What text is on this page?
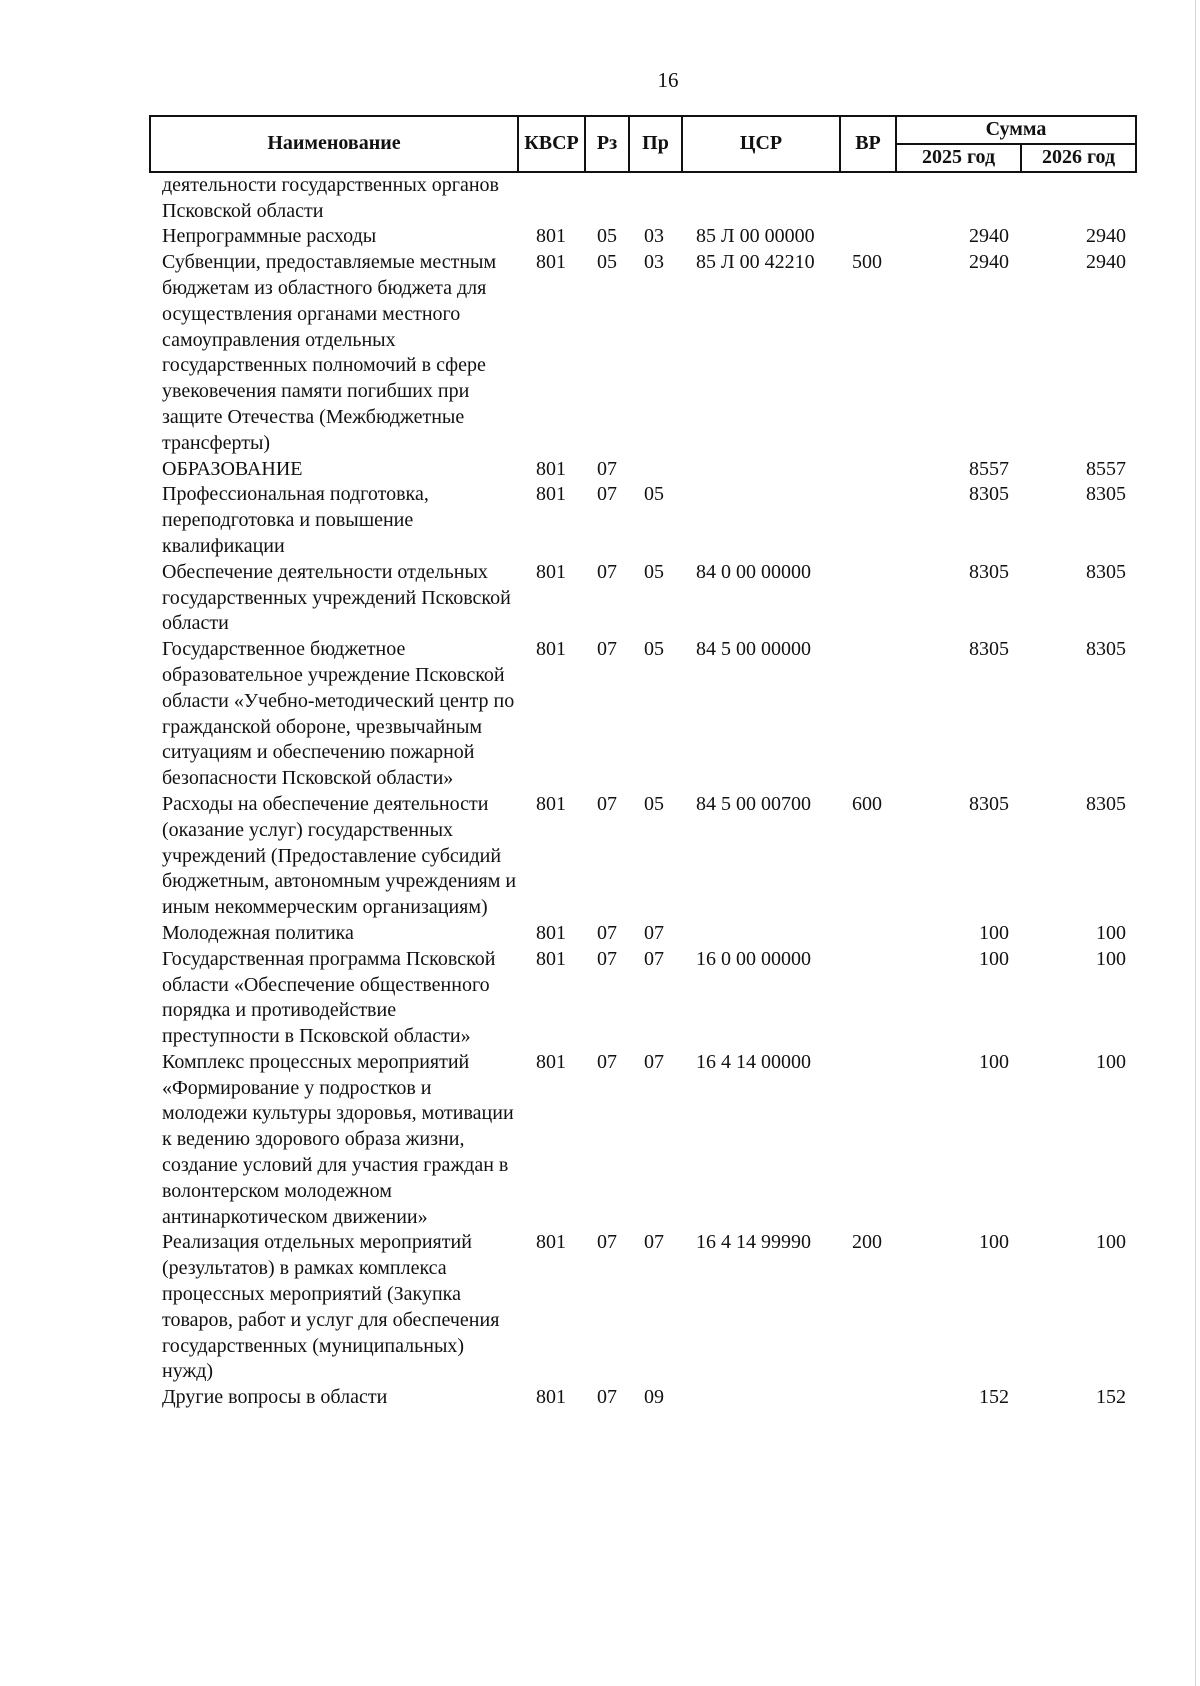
16
Наименование	КВСР	Рз	Пр	ЦСР	ВР	Сумма	
						2025 год	2026 год
деятельности государственных органов Псковской области							
Непрограммные расходы	801	05	03	85 Л 00 00000		2940	2940
Субвенции, предоставляемые местным бюджетам из областного бюджета для осуществления органами местного самоуправления отдельных государственных полномочий в сфере увековечения памяти погибших при защите Отечества (Межбюджетные трансферты)	801	05	03	85 Л 00 42210	500	2940	2940
ОБРАЗОВАНИЕ	801	07				8557	8557
Профессиональная подготовка, переподготовка и повышение квалификации	801	07	05			8305	8305
Обеспечение деятельности отдельных государственных учреждений Псковской области	801	07	05	84 0 00 00000		8305	8305
Государственное бюджетное образовательное учреждение Псковской области «Учебно-методический центр по гражданской обороне, чрезвычайным ситуациям и обеспечению пожарной безопасности Псковской области»	801	07	05	84 5 00 00000		8305	8305
Расходы на обеспечение деятельности (оказание услуг) государственных учреждений (Предоставление субсидий бюджетным, автономным учреждениям и иным некоммерческим организациям)	801	07	05	84 5 00 00700	600	8305	8305
Молодежная политика	801	07	07			100	100
Государственная программа Псковской области «Обеспечение общественного порядка и противодействие преступности в Псковской области»	801	07	07	16 0 00 00000		100	100
Комплекс процессных мероприятий «Формирование у подростков и молодежи культуры здоровья, мотивации к ведению здорового образа жизни, создание условий для участия граждан в волонтерском молодежном антинаркотическом движении»	801	07	07	16 4 14 00000		100	100
Реализация отдельных мероприятий (результатов) в рамках комплекса процессных мероприятий (Закупка товаров, работ и услуг для обеспечения государственных (муниципальных) нужд)	801	07	07	16 4 14 99990	200	100	100
Другие вопросы в области	801	07	09			152	152
